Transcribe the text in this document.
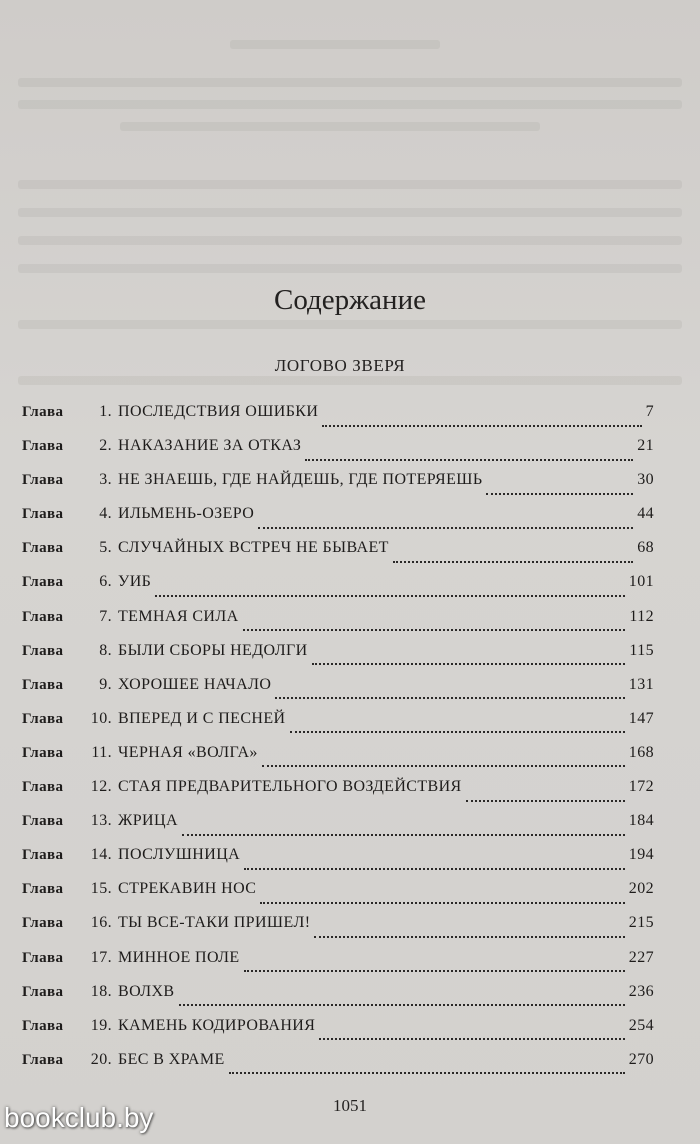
Содержание
ЛОГОВО ЗВЕРЯ
Глава	1. ПОСЛЕДСТВИЯ ОШИБКИ	7
Глава	2. НАКАЗАНИЕ ЗА ОТКАЗ	21
Глава	3. НЕ ЗНАЕШЬ, ГДЕ НАЙДЕШЬ, ГДЕ ПОТЕРЯЕШЬ	30
Глава	4. ИЛЬМЕНЬ-ОЗЕРО	44
Глава	5. СЛУЧАЙНЫХ ВСТРЕЧ НЕ БЫВАЕТ	68
Глава	6. УИБ	101
Глава	7. ТЕМНАЯ СИЛА	112
Глава	8. БЫЛИ СБОРЫ НЕДОЛГИ	115
Глава	9. ХОРОШЕЕ НАЧАЛО	131
Глава	10. ВПЕРЕД И С ПЕСНЕЙ	147
Глава	11. ЧЕРНАЯ «ВОЛГА»	168
Глава	12. СТАЯ ПРЕДВАРИТЕЛЬНОГО ВОЗДЕЙСТВИЯ	172
Глава	13. ЖРИЦА	184
Глава	14. ПОСЛУШНИЦА	194
Глава	15. СТРЕКАВИН НОС	202
Глава	16. ТЫ ВСЕ-ТАКИ ПРИШЕЛ!	215
Глава	17. МИННОЕ ПОЛЕ	227
Глава	18. ВОЛХВ	236
Глава	19. КАМЕНЬ КОДИРОВАНИЯ	254
Глава	20. БЕС В ХРАМЕ	270
1051
bookclub.by
